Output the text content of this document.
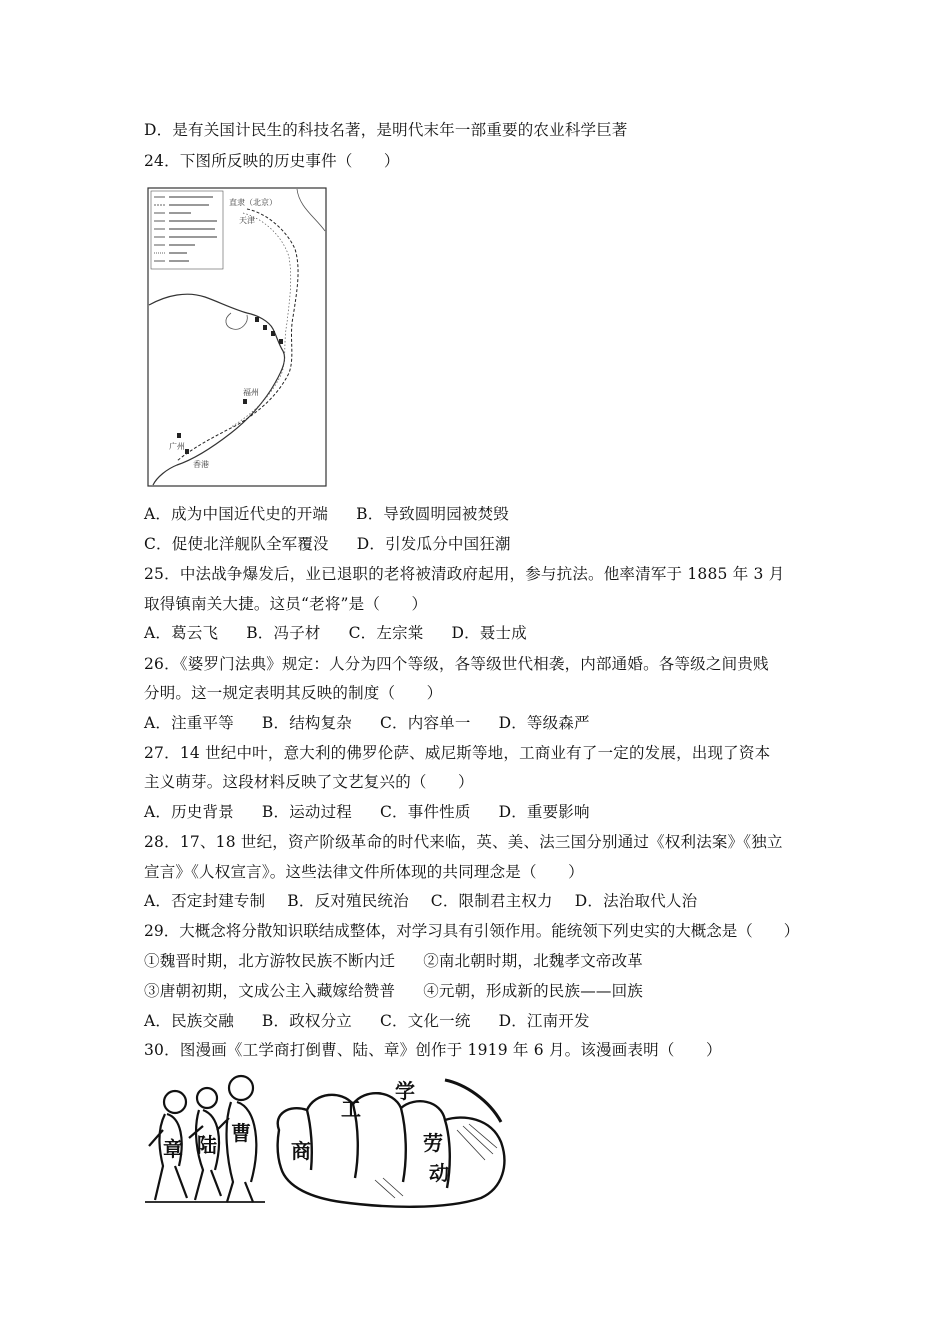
D．是有关国计民生的科技名著，是明代末年一部重要的农业科学巨著
24．下图所反映的历史事件（　　）
直隶（北京）
天津
广州
香港
福州
A．成为中国近代史的开端 B．导致圆明园被焚毁
C．促使北洋舰队全军覆没 D．引发瓜分中国狂潮
25．中法战争爆发后，业已退职的老将被清政府起用，参与抗法。他率清军于 1885 年 3 月
取得镇南关大捷。这员“老将”是（　　）
A．葛云飞 B．冯子材 C．左宗棠 D．聂士成
26．《婆罗门法典》规定：人分为四个等级，各等级世代相袭，内部通婚。各等级之间贵贱
分明。这一规定表明其反映的制度（　　）
A．注重平等 B．结构复杂 C．内容单一 D．等级森严
27．14 世纪中叶，意大利的佛罗伦萨、威尼斯等地，工商业有了一定的发展，出现了资本
主义萌芽。这段材料反映了文艺复兴的（　　）
A．历史背景 B．运动过程 C．事件性质 D．重要影响
28．17、18 世纪，资产阶级革命的时代来临，英、美、法三国分别通过《权利法案》《独立
宣言》《人权宣言》。这些法律文件所体现的共同理念是（　　）
A．否定封建专制 B．反对殖民统治 C．限制君主权力 D．法治取代人治
29．大概念将分散知识联结成整体，对学习具有引领作用。能统领下列史实的大概念是（　　）
①魏晋时期，北方游牧民族不断内迁 ②南北朝时期，北魏孝文帝改革
③唐朝初期，文成公主入藏嫁给赞普 ④元朝，形成新的民族——回族
A．民族交融 B．政权分立 C．文化一统 D．江南开发
30．图漫画《工学商打倒曹、陆、章》创作于 1919 年 6 月。该漫画表明（　　）
章 陆 曹
商
工
学
劳
动
